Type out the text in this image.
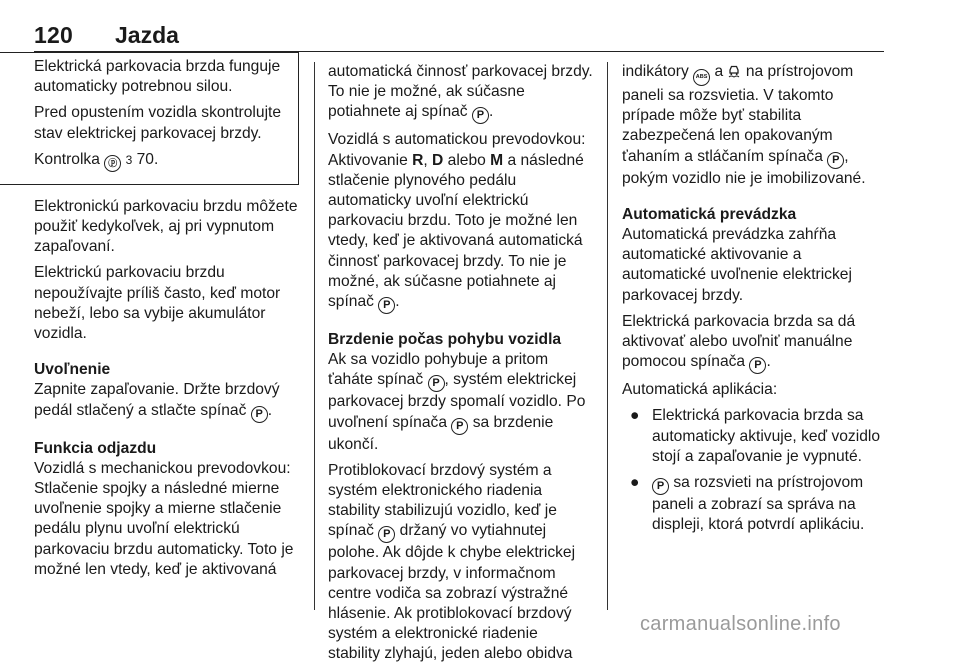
120 Jazda

Elektrická parkovacia brzda funguje automaticky potrebnou silou.

Pred opustením vozidla skontrolujte stav elektrickej parkovacej brzdy.

Kontrolka ⓟ 3 70.

Elektronickú parkovaciu brzdu môžete použiť kedykoľvek, aj pri vypnutom zapaľovaní.

Elektrickú parkovaciu brzdu nepoužívajte príliš často, keď motor nebeží, lebo sa vybije akumulátor vozidla.

Uvoľnenie

Zapnite zapaľovanie. Držte brzdový pedál stlačený a stlačte spínač P .

Funkcia odjazdu

Vozidlá s mechanickou prevodovkou: Stlačenie spojky a následné mierne uvoľnenie spojky a mierne stlačenie pedálu plynu uvoľní elektrickú parkovaciu brzdu automaticky. Toto je možné len vtedy, keď je aktivovaná

automatická činnosť parkovacej brzdy. To nie je možné, ak súčasne potiahnete aj spínač P .

Vozidlá s automatickou prevodovkou: Aktivovanie R, D alebo M a následné stlačenie plynového pedálu automaticky uvoľní elektrickú parkovaciu brzdu. Toto je možné len vtedy, keď je aktivovaná automatická činnosť parkovacej brzdy. To nie je možné, ak súčasne potiahnete aj spínač P .

Brzdenie počas pohybu vozidla

Ak sa vozidlo pohybuje a pritom ťaháte spínač P , systém elektrickej parkovacej brzdy spomalí vozidlo. Po uvoľnení spínača P sa brzdenie ukončí.

Protiblokovací brzdový systém a systém elektronického riadenia stability stabilizujú vozidlo, keď je spínač P držaný vo vytiahnutej polohe. Ak dôjde k chybe elektrickej parkovacej brzdy, v informačnom centre vodiča sa zobrazí výstražné hlásenie. Ak protiblokovací brzdový systém a elektronické riadenie stability zlyhajú, jeden alebo obidva

indikátory ABS a na prístrojovom paneli sa rozsvietia. V takomto prípade môže byť stabilita zabezpečená len opakovaným ťahaním a stláčaním spínača P , pokým vozidlo nie je imobilizované.

Automatická prevádzka

Automatická prevádzka zahŕňa automatické aktivovanie a automatické uvoľnenie elektrickej parkovacej brzdy.

Elektrická parkovacia brzda sa dá aktivovať alebo uvoľniť manuálne pomocou spínača P .

Automatická aplikácia:

● Elektrická parkovacia brzda sa automaticky aktivuje, keď vozidlo stojí a zapaľovanie je vypnuté.
● P sa rozsvieti na prístrojovom paneli a zobrazí sa správa na displeji, ktorá potvrdí aplikáciu.
carmanualsonline.info
